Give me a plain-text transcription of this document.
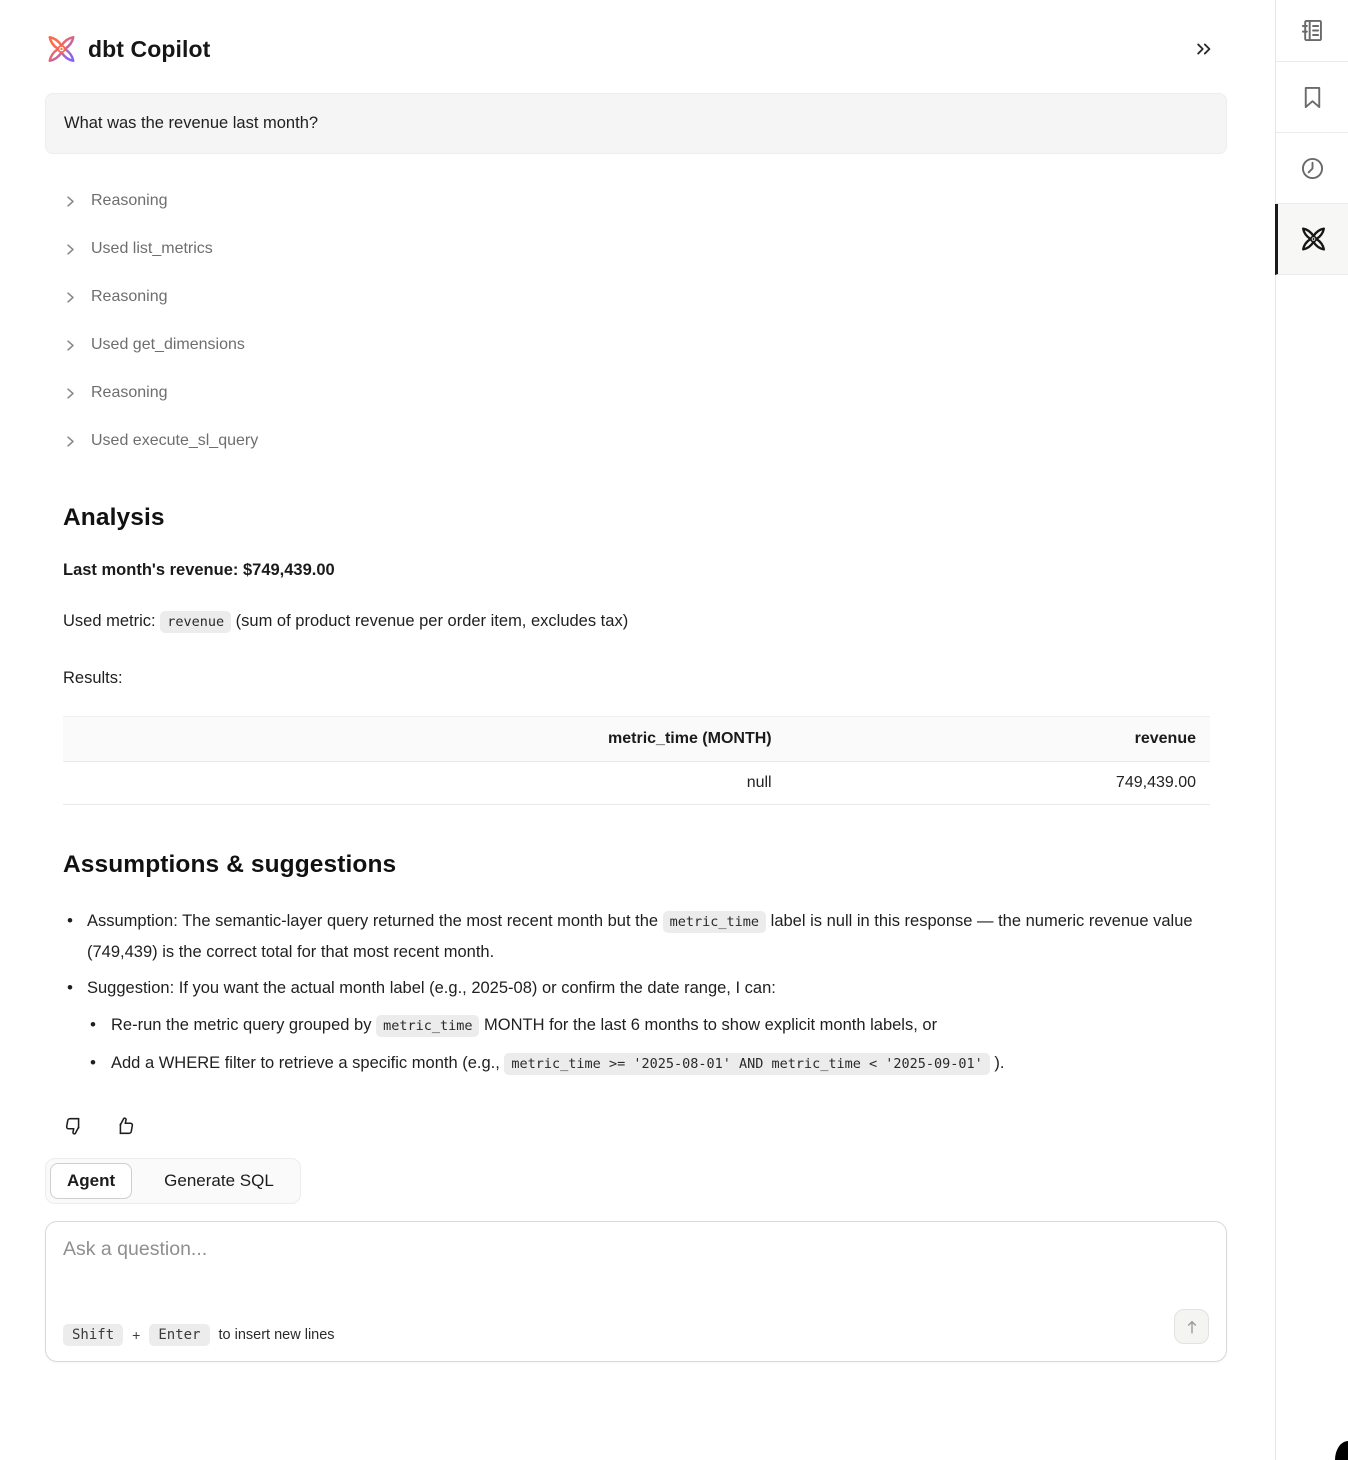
dbt Copilot
What was the revenue last month?
Reasoning
Used list_metrics
Reasoning
Used get_dimensions
Reasoning
Used execute_sl_query
Analysis

Last month's revenue: $749,439.00

Used metric: revenue (sum of product revenue per order item, excludes tax)

Results:

metric_time (MONTH)	revenue
null	749,439.00
Assumptions & suggestions
• Assumption: The semantic-layer query returned the most recent month but the metric_time label is null in this response — the numeric revenue value (749,439) is the correct total for that most recent month.
• Suggestion: If you want the actual month label (e.g., 2025-08) or confirm the date range, I can:
• Re-run the metric query grouped by metric_time MONTH for the last 6 months to show explicit month labels, or
• Add a WHERE filter to retrieve a specific month (e.g., metric_time >= '2025-08-01' AND metric_time < '2025-09-01' ).
Agent	Generate SQL
Ask a question...
Shift	+	Enter	to insert new lines
